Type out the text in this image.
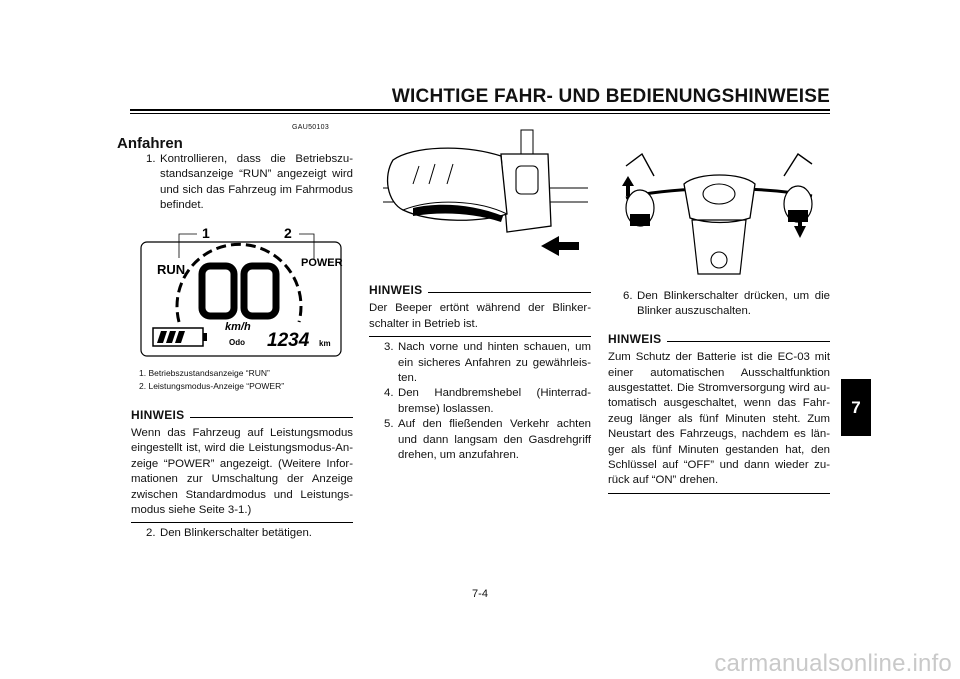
WICHTIGE FAHR- UND BEDIENUNGSHINWEISE
7
GAU50103
Anfahren
1. Kontrollieren, dass die Betriebszustandsanzeige “RUN” angezeigt wird und sich das Fahrzeug im Fahrmodus befindet.
1	2
RUN	POWER
km/h
Odo 1234 km
1. Betriebszustandsanzeige “RUN”
2. Leistungsmodus-Anzeige “POWER”
HINWEIS
Wenn das Fahrzeug auf Leistungsmodus eingestellt ist, wird die Leistungsmodus-Anzeige “POWER” angezeigt. (Weitere Informationen zur Umschaltung der Anzeige zwischen Standardmodus und Leistungsmodus siehe Seite 3-1.)
2. Den Blinkerschalter betätigen.
HINWEIS
Der Beeper ertönt während der Blinkerschalter in Betrieb ist.
3. Nach vorne und hinten schauen, um ein sicheres Anfahren zu gewährleisten.
4. Den Handbremshebel (Hinterradbremse) loslassen.
5. Auf den fließenden Verkehr achten und dann langsam den Gasdrehgriff drehen, um anzufahren.
6. Den Blinkerschalter drücken, um die Blinker auszuschalten.
HINWEIS
Zum Schutz der Batterie ist die EC-03 mit einer automatischen Ausschaltfunktion ausgestattet. Die Stromversorgung wird automatisch ausgeschaltet, wenn das Fahrzeug länger als fünf Minuten steht. Zum Neustart des Fahrzeugs, nachdem es länger als fünf Minuten gestanden hat, den Schlüssel auf “OFF” und dann wieder zurück auf “ON” drehen.
7-4
carmanualsonline.info
